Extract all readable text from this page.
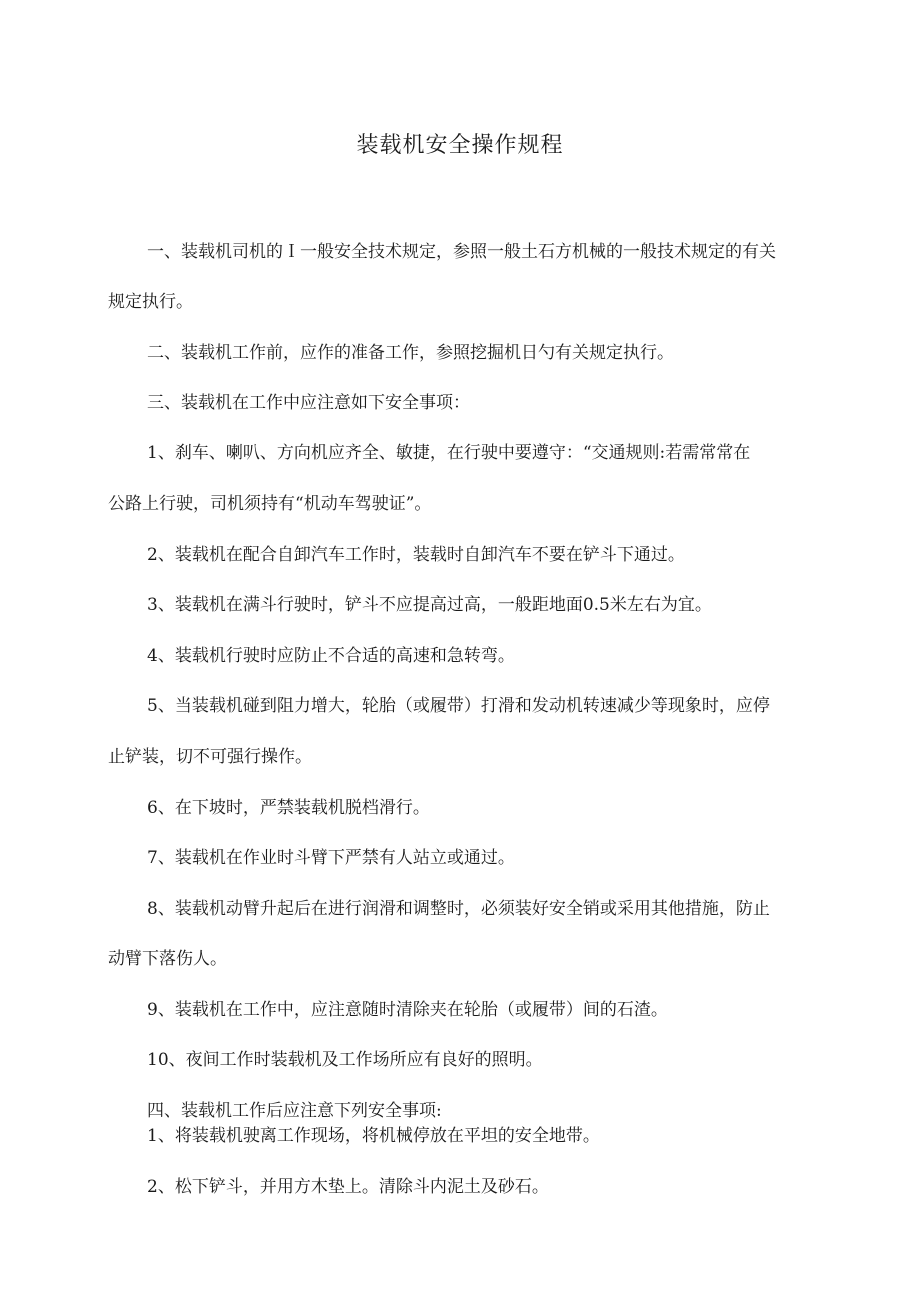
装载机安全操作规程
一、装载机司机的Ｉ一般安全技术规定，参照一般土石方机械的一般技术规定的有关
规定执行。
二、装载机工作前，应作的准备工作，参照挖掘机日勺有关规定执行。
三、装载机在工作中应注意如下安全事项：
1、刹车、喇叭、方向机应齐全、敏捷，在行驶中要遵守：“交通规则:若需常常在
公路上行驶，司机须持有“机动车驾驶证”。
2、装载机在配合自卸汽车工作时，装载时自卸汽车不要在铲斗下通过。
3、装载机在满斗行驶时，铲斗不应提高过高，一般距地面0.5米左右为宜。
4、装载机行驶时应防止不合适的高速和急转弯。
5、当装载机碰到阻力增大，轮胎（或履带）打滑和发动机转速减少等现象时，应停
止铲装，切不可强行操作。
6、在下坡时，严禁装载机脱档滑行。
7、装载机在作业时斗臂下严禁有人站立或通过。
8、装载机动臂升起后在进行润滑和调整时，必须装好安全销或采用其他措施，防止
动臂下落伤人。
9、装载机在工作中，应注意随时清除夹在轮胎（或履带）间的石渣。
10、夜间工作时装载机及工作场所应有良好的照明。
四、装载机工作后应注意下列安全事项:
1、将装载机驶离工作现场，将机械停放在平坦的安全地带。
2、松下铲斗，并用方木垫上。清除斗内泥土及砂石。
